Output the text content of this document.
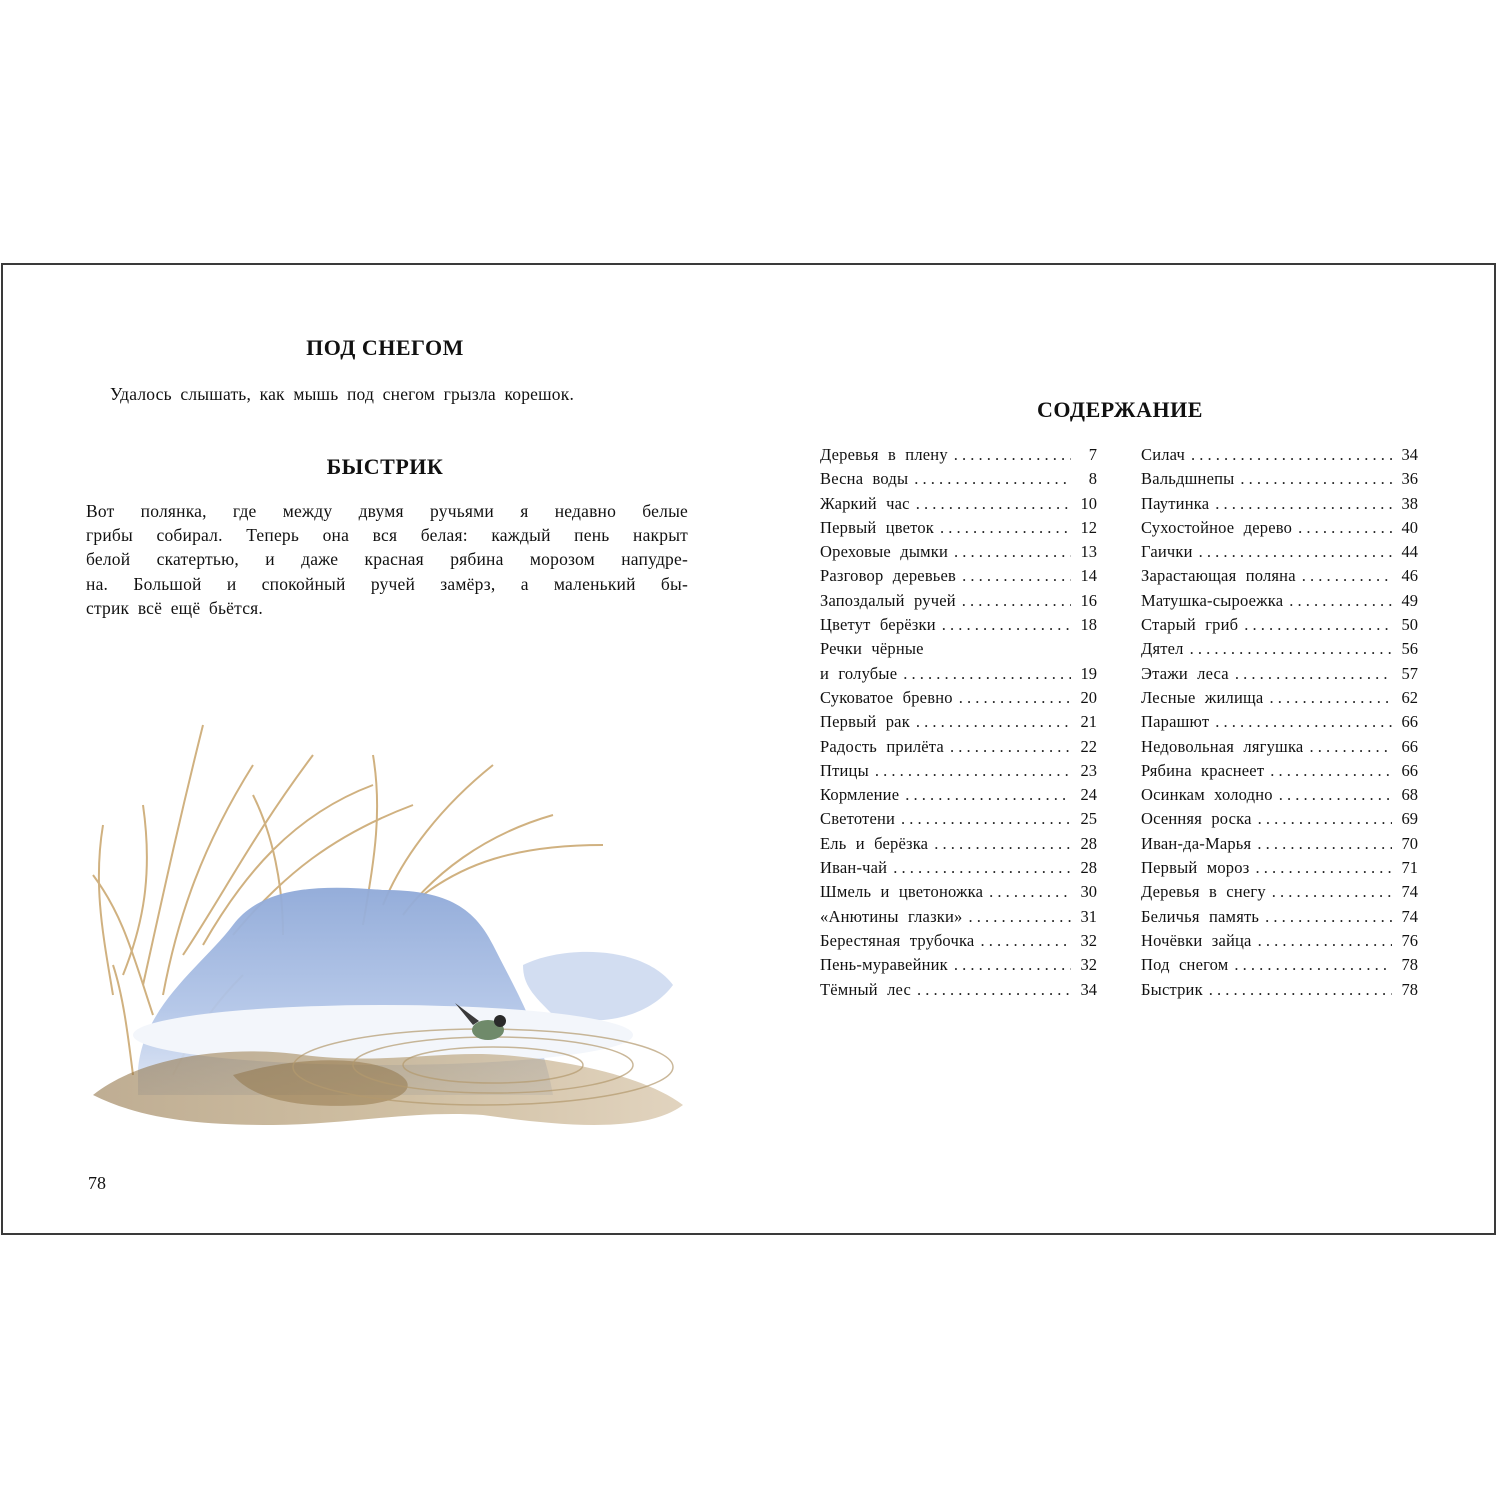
ПОД СНЕГОМ

Удалось слышать, как мышь под снегом грызла корешок.

БЫСТРИК

Вот полянка, где между двумя ручьями я недавно белые
грибы собирал. Теперь она вся белая: каждый пень накрыт
белой скатертью, и даже красная рябина морозом напудре-
на. Большой и спокойный ручей замёрз, а маленький бы-
стрик всё ещё бьётся.

78
СОДЕРЖАНИЕ
Деревья в плену . . .	7
Весна воды . . .	8
Жаркий час . . .	10
Первый цветок . . .	12
Ореховые дымки . . .	13
Разговор деревьев . . .	14
Запоздалый ручей . . .	16
Цветут берёзки . . .	18
Речки чёрные
и голубые . . .	19
Суковатое бревно . . .	20
Первый рак . . .	21
Радость прилёта . . .	22
Птицы . . .	23
Кормление . . .	24
Светотени . . .	25
Ель и берёзка . . .	28
Иван-чай . . .	28
Шмель и цветоножка . . .	30
«Анютины глазки» . . .	31
Берестяная трубочка . . .	32
Пень-муравейник . . .	32
Тёмный лес . . .	34
Силач . . .	34
Вальдшнепы . . .	36
Паутинка . . .	38
Сухостойное дерево . . .	40
Гаички . . .	44
Зарастающая поляна . . .	46
Матушка-сыроежка . . .	49
Старый гриб . . .	50
Дятел . . .	56
Этажи леса . . .	57
Лесные жилища . . .	62
Парашют . . .	66
Недовольная лягушка . . .	66
Рябина краснеет . . .	66
Осинкам холодно . . .	68
Осенняя роска . . .	69
Иван-да-Марья . . .	70
Первый мороз . . .	71
Деревья в снегу . . .	74
Беличья память . . .	74
Ночёвки зайца . . .	76
Под снегом . . .	78
Быстрик . . .	78
